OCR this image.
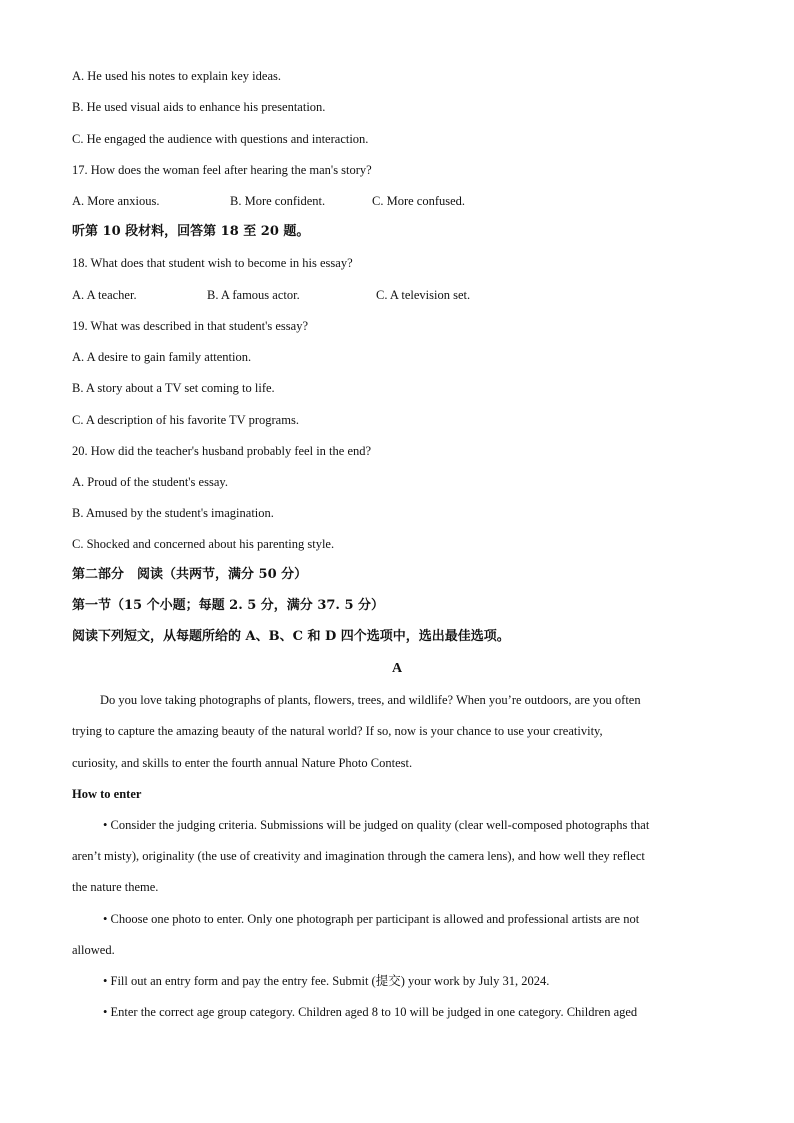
A. He used his notes to explain key ideas.
B. He used visual aids to enhance his presentation.
C. He engaged the audience with questions and interaction.
17. How does the woman feel after hearing the man's story?
A. More anxious.	B. More confident.	C. More confused.
听第 10 段材料，回答第 18 至 20 题。
18. What does that student wish to become in his essay?
A. A teacher.	B. A famous actor.	C. A television set.
19. What was described in that student's essay?
A. A desire to gain family attention.
B. A story about a TV set coming to life.
C. A description of his favorite TV programs.
20. How did the teacher's husband probably feel in the end?
A. Proud of the student's essay.
B. Amused by the student's imagination.
C. Shocked and concerned about his parenting style.
第二部分　阅读（共两节，满分 50 分）
第一节（15 个小题；每题 2. 5 分，满分 37. 5 分）
阅读下列短文，从每题所给的 A、B、C 和 D 四个选项中，选出最佳选项。
A
Do you love taking photographs of plants, flowers, trees, and wildlife? When you’re outdoors, are you often
trying to capture the amazing beauty of the natural world? If so, now is your chance to use your creativity,
curiosity, and skills to enter the fourth annual Nature Photo Contest.
How to enter
• Consider the judging criteria. Submissions will be judged on quality (clear well-composed photographs that
aren’t misty), originality (the use of creativity and imagination through the camera lens), and how well they reflect
the nature theme.
• Choose one photo to enter. Only one photograph per participant is allowed and professional artists are not
allowed.
• Fill out an entry form and pay the entry fee. Submit (提交) your work by July 31, 2024.
• Enter the correct age group category. Children aged 8 to 10 will be judged in one category. Children aged
